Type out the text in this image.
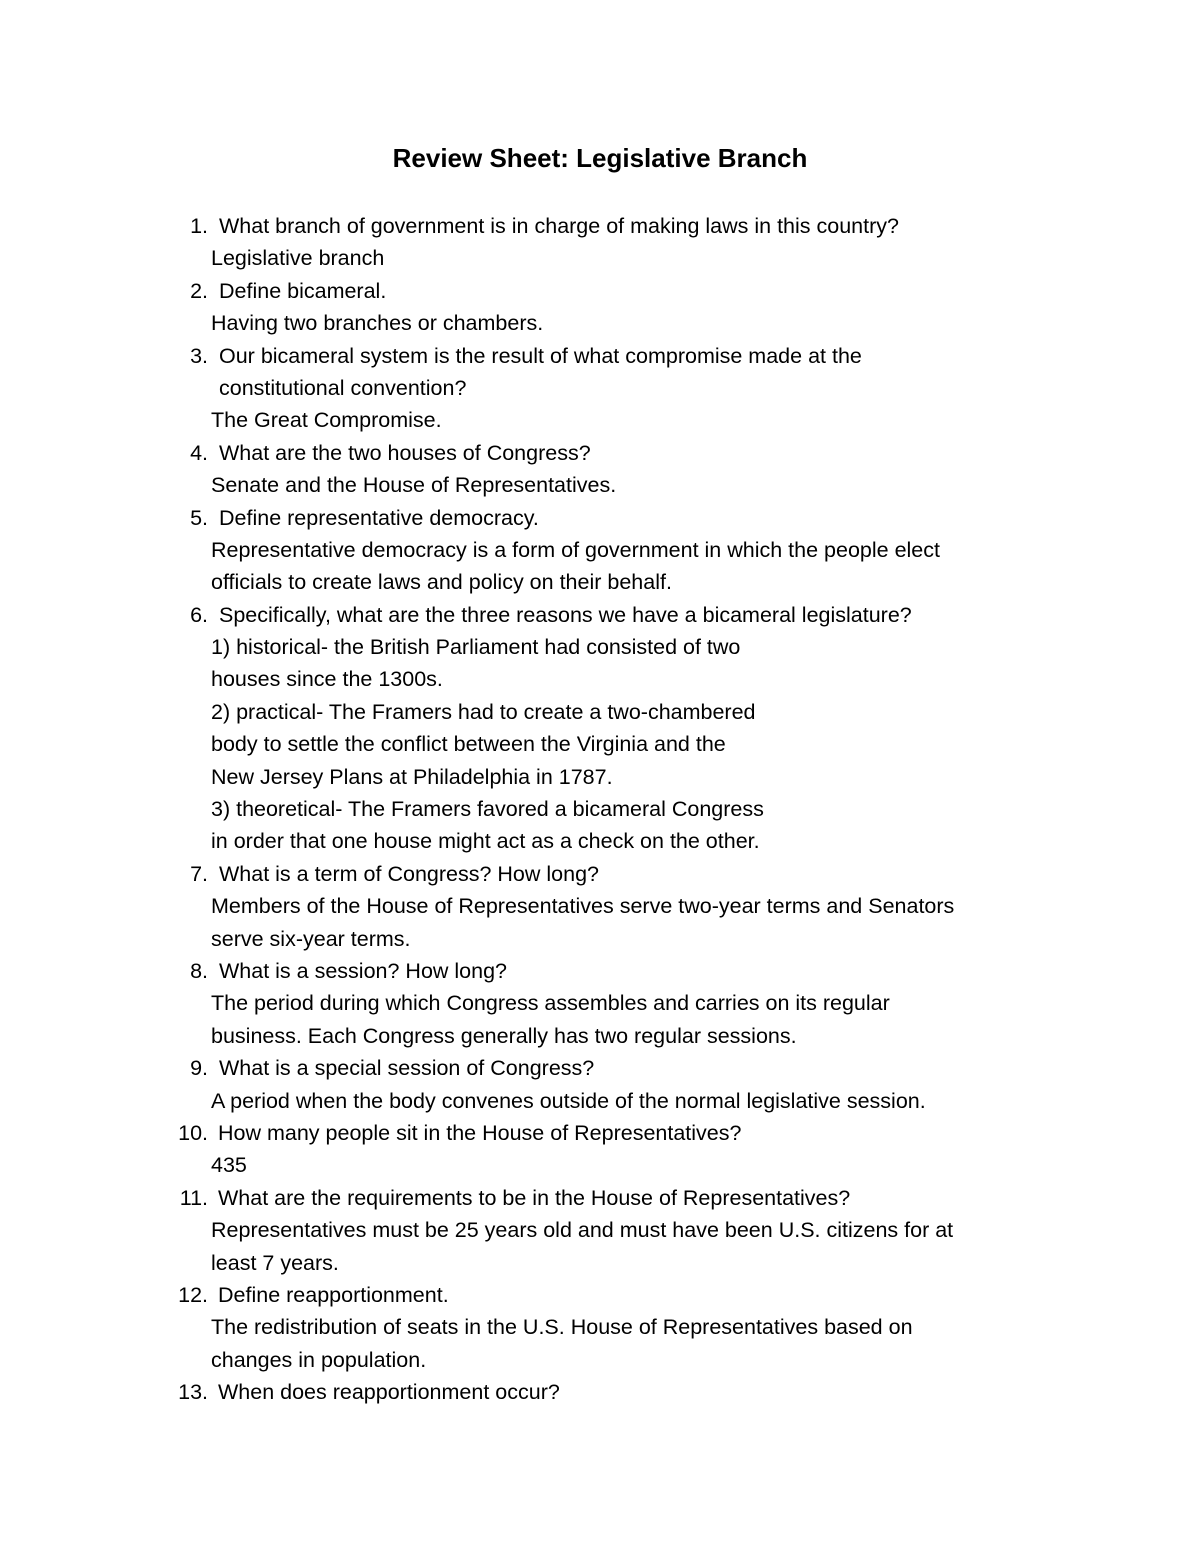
Review Sheet: Legislative Branch
1. What branch of government is in charge of making laws in this country?
Legislative branch
2. Define bicameral.
Having two branches or chambers.
3. Our bicameral system is the result of what compromise made at the
constitutional convention?
The Great Compromise.
4. What are the two houses of Congress?
Senate and the House of Representatives.
5. Define representative democracy.
Representative democracy is a form of government in which the people elect
officials to create laws and policy on their behalf.
6. Specifically, what are the three reasons we have a bicameral legislature?
1) historical- the British Parliament had consisted of two
houses since the 1300s.
2) practical- The Framers had to create a two-chambered
body to settle the conflict between the Virginia and the
New Jersey Plans at Philadelphia in 1787.
3) theoretical- The Framers favored a bicameral Congress
in order that one house might act as a check on the other.
7. What is a term of Congress? How long?
Members of the House of Representatives serve two-year terms and Senators
serve six-year terms.
8. What is a session? How long?
The period during which Congress assembles and carries on its regular
business. Each Congress generally has two regular sessions.
9. What is a special session of Congress?
A period when the body convenes outside of the normal legislative session.
10. How many people sit in the House of Representatives?
435
11. What are the requirements to be in the House of Representatives?
Representatives must be 25 years old and must have been U.S. citizens for at
least 7 years.
12. Define reapportionment.
The redistribution of seats in the U.S. House of Representatives based on
changes in population.
13. When does reapportionment occur?
